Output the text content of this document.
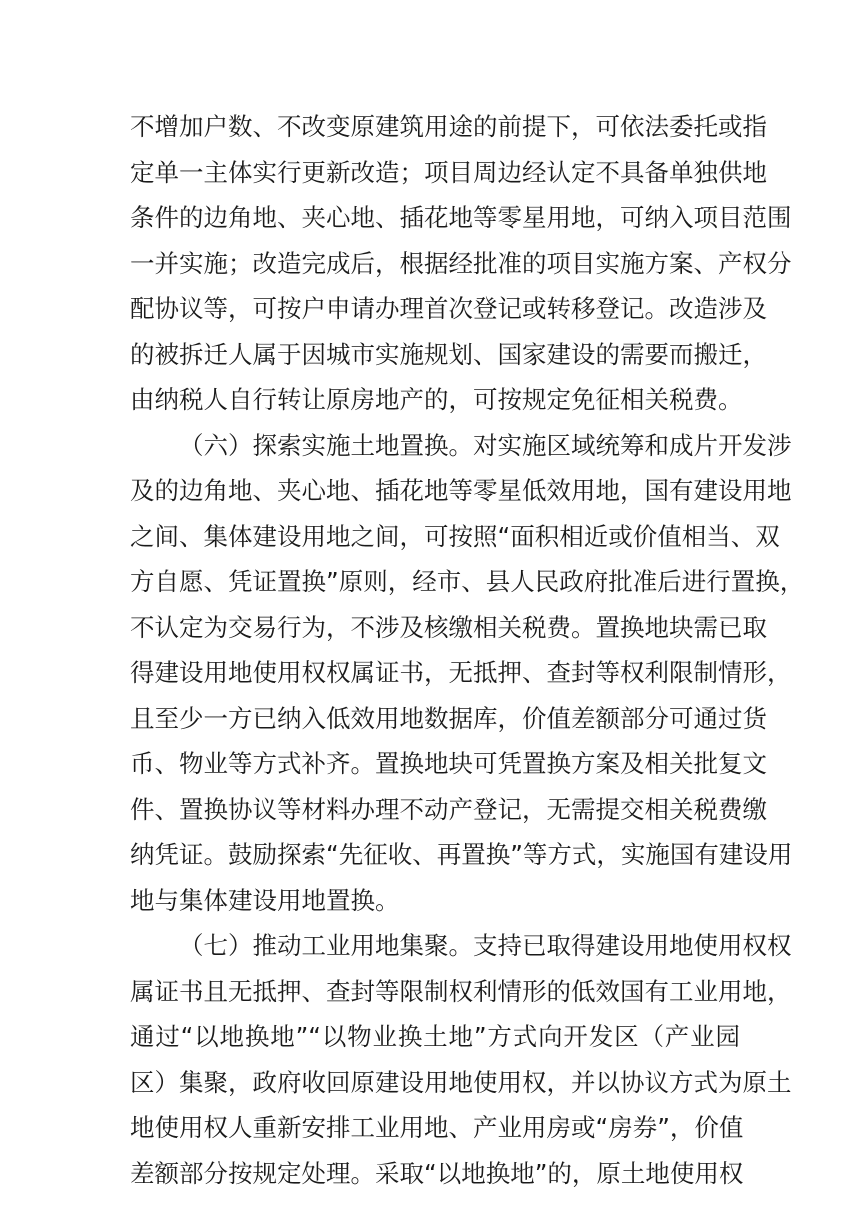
不增加户数、不改变原建筑用途的前提下，可依法委托或指
定单一主体实行更新改造；项目周边经认定不具备单独供地
条件的边角地、夹心地、插花地等零星用地，可纳入项目范围
一并实施；改造完成后，根据经批准的项目实施方案、产权分
配协议等，可按户申请办理首次登记或转移登记。改造涉及
的被拆迁人属于因城市实施规划、国家建设的需要而搬迁，
由纳税人自行转让原房地产的，可按规定免征相关税费。
（六）探索实施土地置换。对实施区域统筹和成片开发涉
及的边角地、夹心地、插花地等零星低效用地，国有建设用地
之间、集体建设用地之间，可按照“面积相近或价值相当、双
方自愿、凭证置换”原则，经市、县人民政府批准后进行置换，
不认定为交易行为，不涉及核缴相关税费。置换地块需已取
得建设用地使用权权属证书，无抵押、查封等权利限制情形，
且至少一方已纳入低效用地数据库，价值差额部分可通过货
币、物业等方式补齐。置换地块可凭置换方案及相关批复文
件、置换协议等材料办理不动产登记，无需提交相关税费缴
纳凭证。鼓励探索“先征收、再置换”等方式，实施国有建设用
地与集体建设用地置换。
（七）推动工业用地集聚。支持已取得建设用地使用权权
属证书且无抵押、查封等限制权利情形的低效国有工业用地，
通过“以地换地”“以物业换土地”方式向开发区（产业园
区）集聚，政府收回原建设用地使用权，并以协议方式为原土
地使用权人重新安排工业用地、产业用房或“房券”，价值
差额部分按规定处理。采取“以地换地”的，原土地使用权
